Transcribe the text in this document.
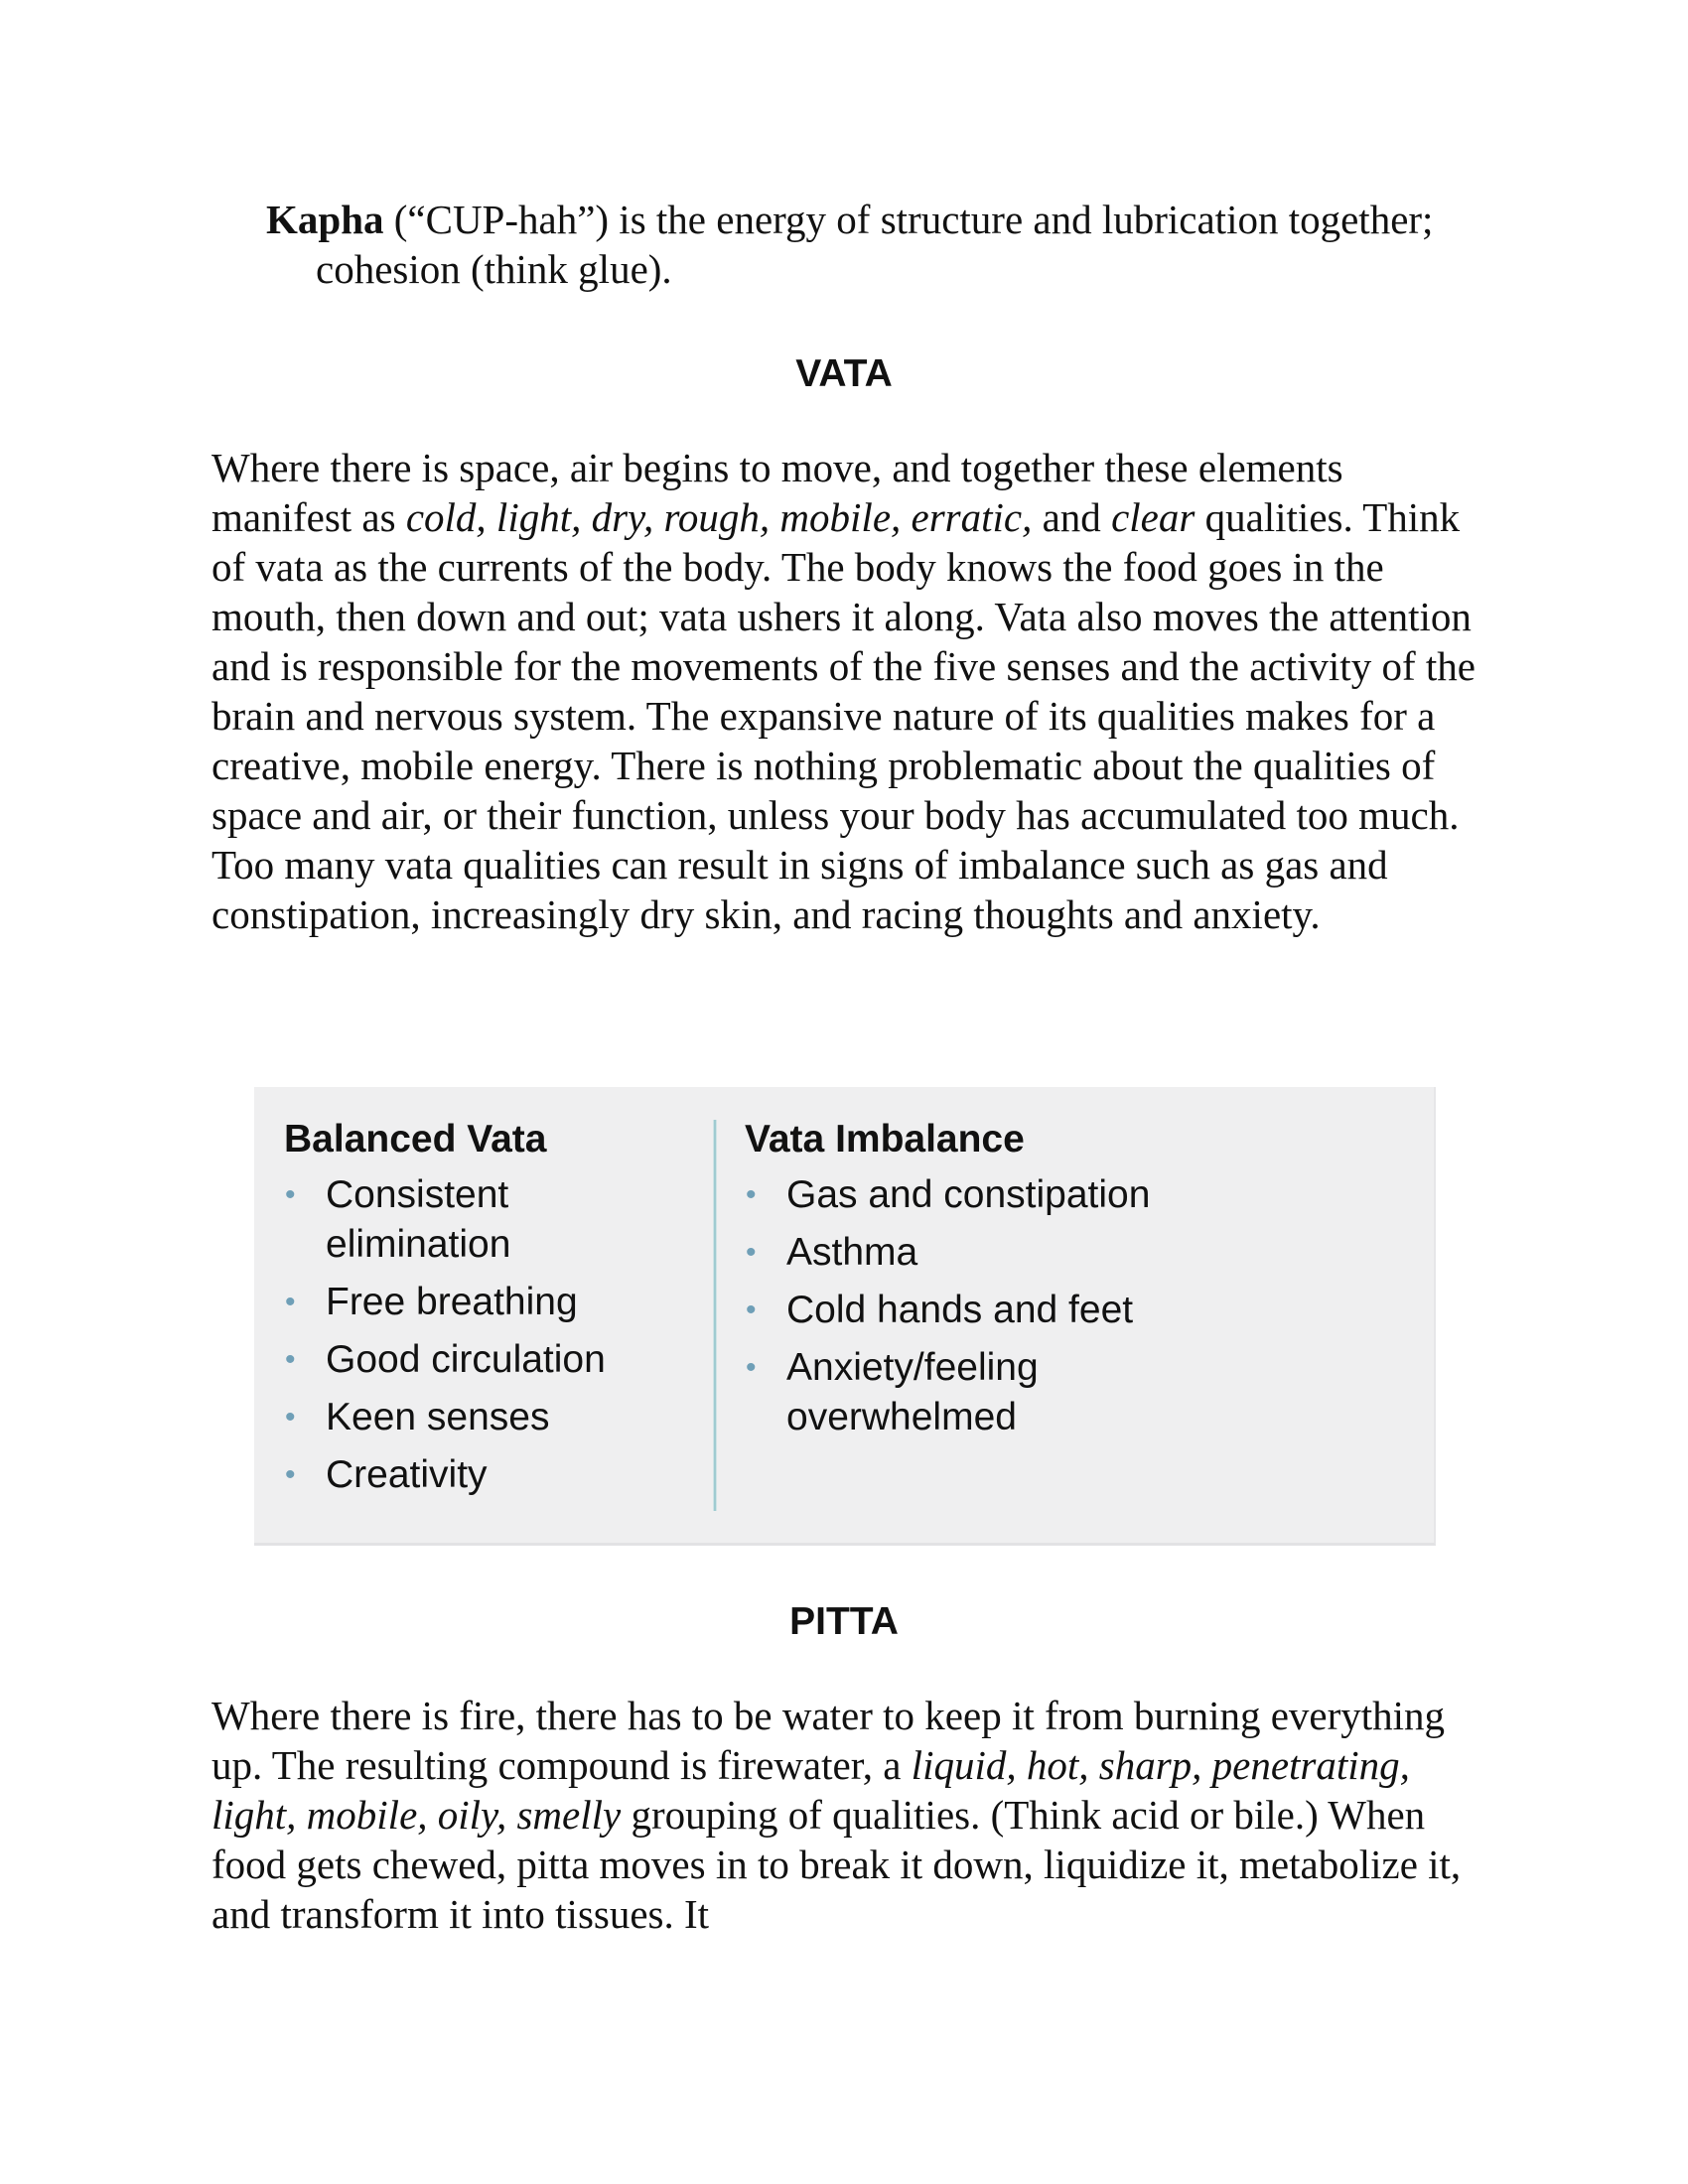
Kapha (“CUP-hah”) is the energy of structure and lubrication together; cohesion (think glue).

VATA

Where there is space, air begins to move, and together these elements manifest as cold, light, dry, rough, mobile, erratic, and clear qualities. Think of vata as the currents of the body. The body knows the food goes in the mouth, then down and out; vata ushers it along. Vata also moves the attention and is responsible for the movements of the five senses and the activity of the brain and nervous system. The expansive nature of its qualities makes for a creative, mobile energy. There is nothing problematic about the qualities of space and air, or their function, unless your body has accumulated too much. Too many vata qualities can result in signs of imbalance such as gas and constipation, increasingly dry skin, and racing thoughts and anxiety.

Balanced Vata
• Consistent elimination
• Free breathing
• Good circulation
• Keen senses
• Creativity
Vata Imbalance
• Gas and constipation
• Asthma
• Cold hands and feet
• Anxiety/feeling overwhelmed
PITTA

Where there is fire, there has to be water to keep it from burning everything up. The resulting compound is firewater, a liquid, hot, sharp, penetrating, light, mobile, oily, smelly grouping of qualities. (Think acid or bile.) When food gets chewed, pitta moves in to break it down, liquidize it, metabolize it, and transform it into tissues. It
